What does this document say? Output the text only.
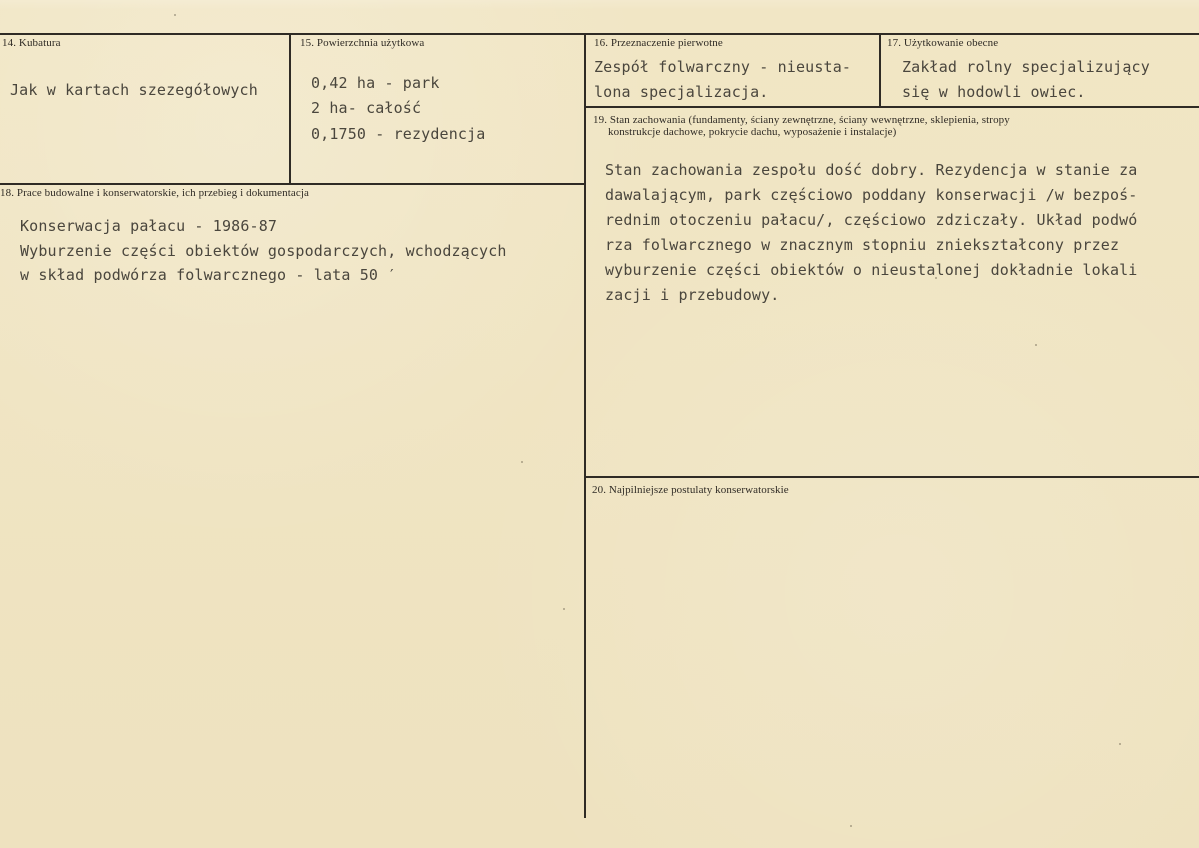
14. Kubatura
Jak w kartach szezegółowych
15. Powierzchnia użytkowa
0,42 ha - park
2 ha- całość
0,1750 - rezydencja
16. Przeznaczenie pierwotne
Zespół folwarczny - nieusta-
lona specjalizacja.
17. Użytkowanie obecne
Zakład rolny specjalizujący
się w hodowli owiec.
18. Prace budowalne i konserwatorskie, ich przebieg i dokumentacja
Konserwacja pałacu - 1986-87
Wyburzenie części obiektów gospodarczych, wchodzących
w skład podwórza folwarcznego - lata 50 ′
19. Stan zachowania (fundamenty, ściany zewnętrzne, ściany wewnętrzne, sklepienia, stropy
konstrukcje dachowe, pokrycie dachu, wyposażenie i instalacje)
Stan zachowania zespołu dość dobry. Rezydencja w stanie za
dawalającym, park częściowo poddany konserwacji /w bezpoś-
rednim otoczeniu pałacu/, częściowo zdziczały. Układ podwó
rza folwarcznego w znacznym stopniu zniekształcony przez
wyburzenie części obiektów o nieustalonej dokładnie lokali
zacji i przebudowy.
20. Najpilniejsze postulaty konserwatorskie
